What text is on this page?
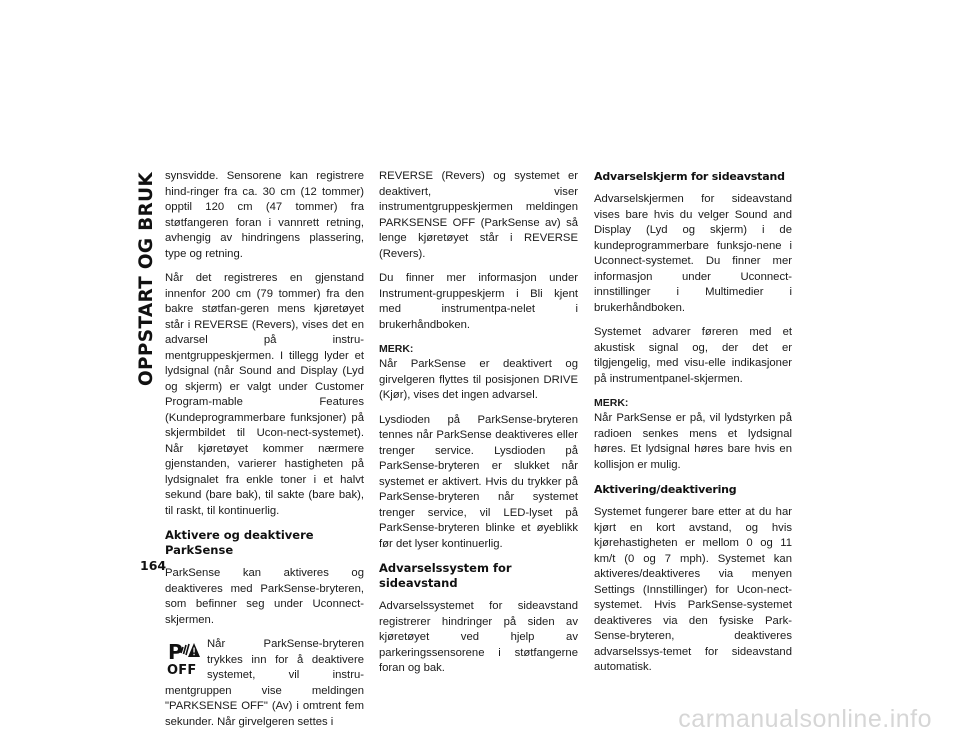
OPPSTART OG BRUK
164

synsvidde. Sensorene kan registrere hind-ringer fra ca. 30 cm (12 tommer) opptil 120 cm (47 tommer) fra støtfangeren foran i vannrett retning, avhengig av hindringens plassering, type og retning.

Når det registreres en gjenstand innenfor 200 cm (79 tommer) fra den bakre støtfan-geren mens kjøretøyet står i REVERSE (Revers), vises det en advarsel på instru-mentgruppeskjermen. I tillegg lyder et lydsignal (når Sound and Display (Lyd og skjerm) er valgt under Customer Program-mable Features (Kundeprogrammerbare funksjoner) på skjermbildet til Ucon-nect-systemet). Når kjøretøyet kommer nærmere gjenstanden, varierer hastigheten på lydsignalet fra enkle toner i et halvt sekund (bare bak), til sakte (bare bak), til raskt, til kontinuerlig.

Aktivere og deaktivere ParkSense

ParkSense kan aktiveres og deaktiveres med ParkSense-bryteren, som befinner seg under Uconnect-skjermen.

P
OFF

Når ParkSense-bryteren trykkes inn for å deaktivere systemet, vil instru-mentgruppen vise meldingen "PARKSENSE OFF" (Av) i omtrent fem sekunder. Når girvelgeren settes i

REVERSE (Revers) og systemet er deaktivert, viser instrumentgruppeskjermen meldingen PARKSENSE OFF (ParkSense av) så lenge kjøretøyet står i REVERSE (Revers).

Du finner mer informasjon under Instrument-gruppeskjerm i Bli kjent med instrumentpa-nelet i brukerhåndboken.

MERK:

Når ParkSense er deaktivert og girvelgeren flyttes til posisjonen DRIVE (Kjør), vises det ingen advarsel.

Lysdioden på ParkSense-bryteren tennes når ParkSense deaktiveres eller trenger service. Lysdioden på ParkSense-bryteren er slukket når systemet er aktivert. Hvis du trykker på ParkSense-bryteren når systemet trenger service, vil LED-lyset på ParkSense-bryteren blinke et øyeblikk før det lyser kontinuerlig.

Advarselssystem for sideavstand

Advarselssystemet for sideavstand registrerer hindringer på siden av kjøretøyet ved hjelp av parkeringssensorene i støtfangerne foran og bak.

Advarselskjerm for sideavstand

Advarselskjermen for sideavstand vises bare hvis du velger Sound and Display (Lyd og skjerm) i de kundeprogrammerbare funksjo-nene i Uconnect-systemet. Du finner mer informasjon under Uconnect-innstillinger i Multimedier i brukerhåndboken.

Systemet advarer føreren med et akustisk signal og, der det er tilgjengelig, med visu-elle indikasjoner på instrumentpanel-skjermen.

MERK:

Når ParkSense er på, vil lydstyrken på radioen senkes mens et lydsignal høres. Et lydsignal høres bare hvis en kollisjon er mulig.

Aktivering/deaktivering

Systemet fungerer bare etter at du har kjørt en kort avstand, og hvis kjørehastigheten er mellom 0 og 11 km/t (0 og 7 mph). Systemet kan aktiveres/deaktiveres via menyen Settings (Innstillinger) for Ucon-nect-systemet. Hvis ParkSense-systemet deaktiveres via den fysiske Park-Sense-bryteren, deaktiveres advarselssys-temet for sideavstand automatisk.

carmanualsonline.info
